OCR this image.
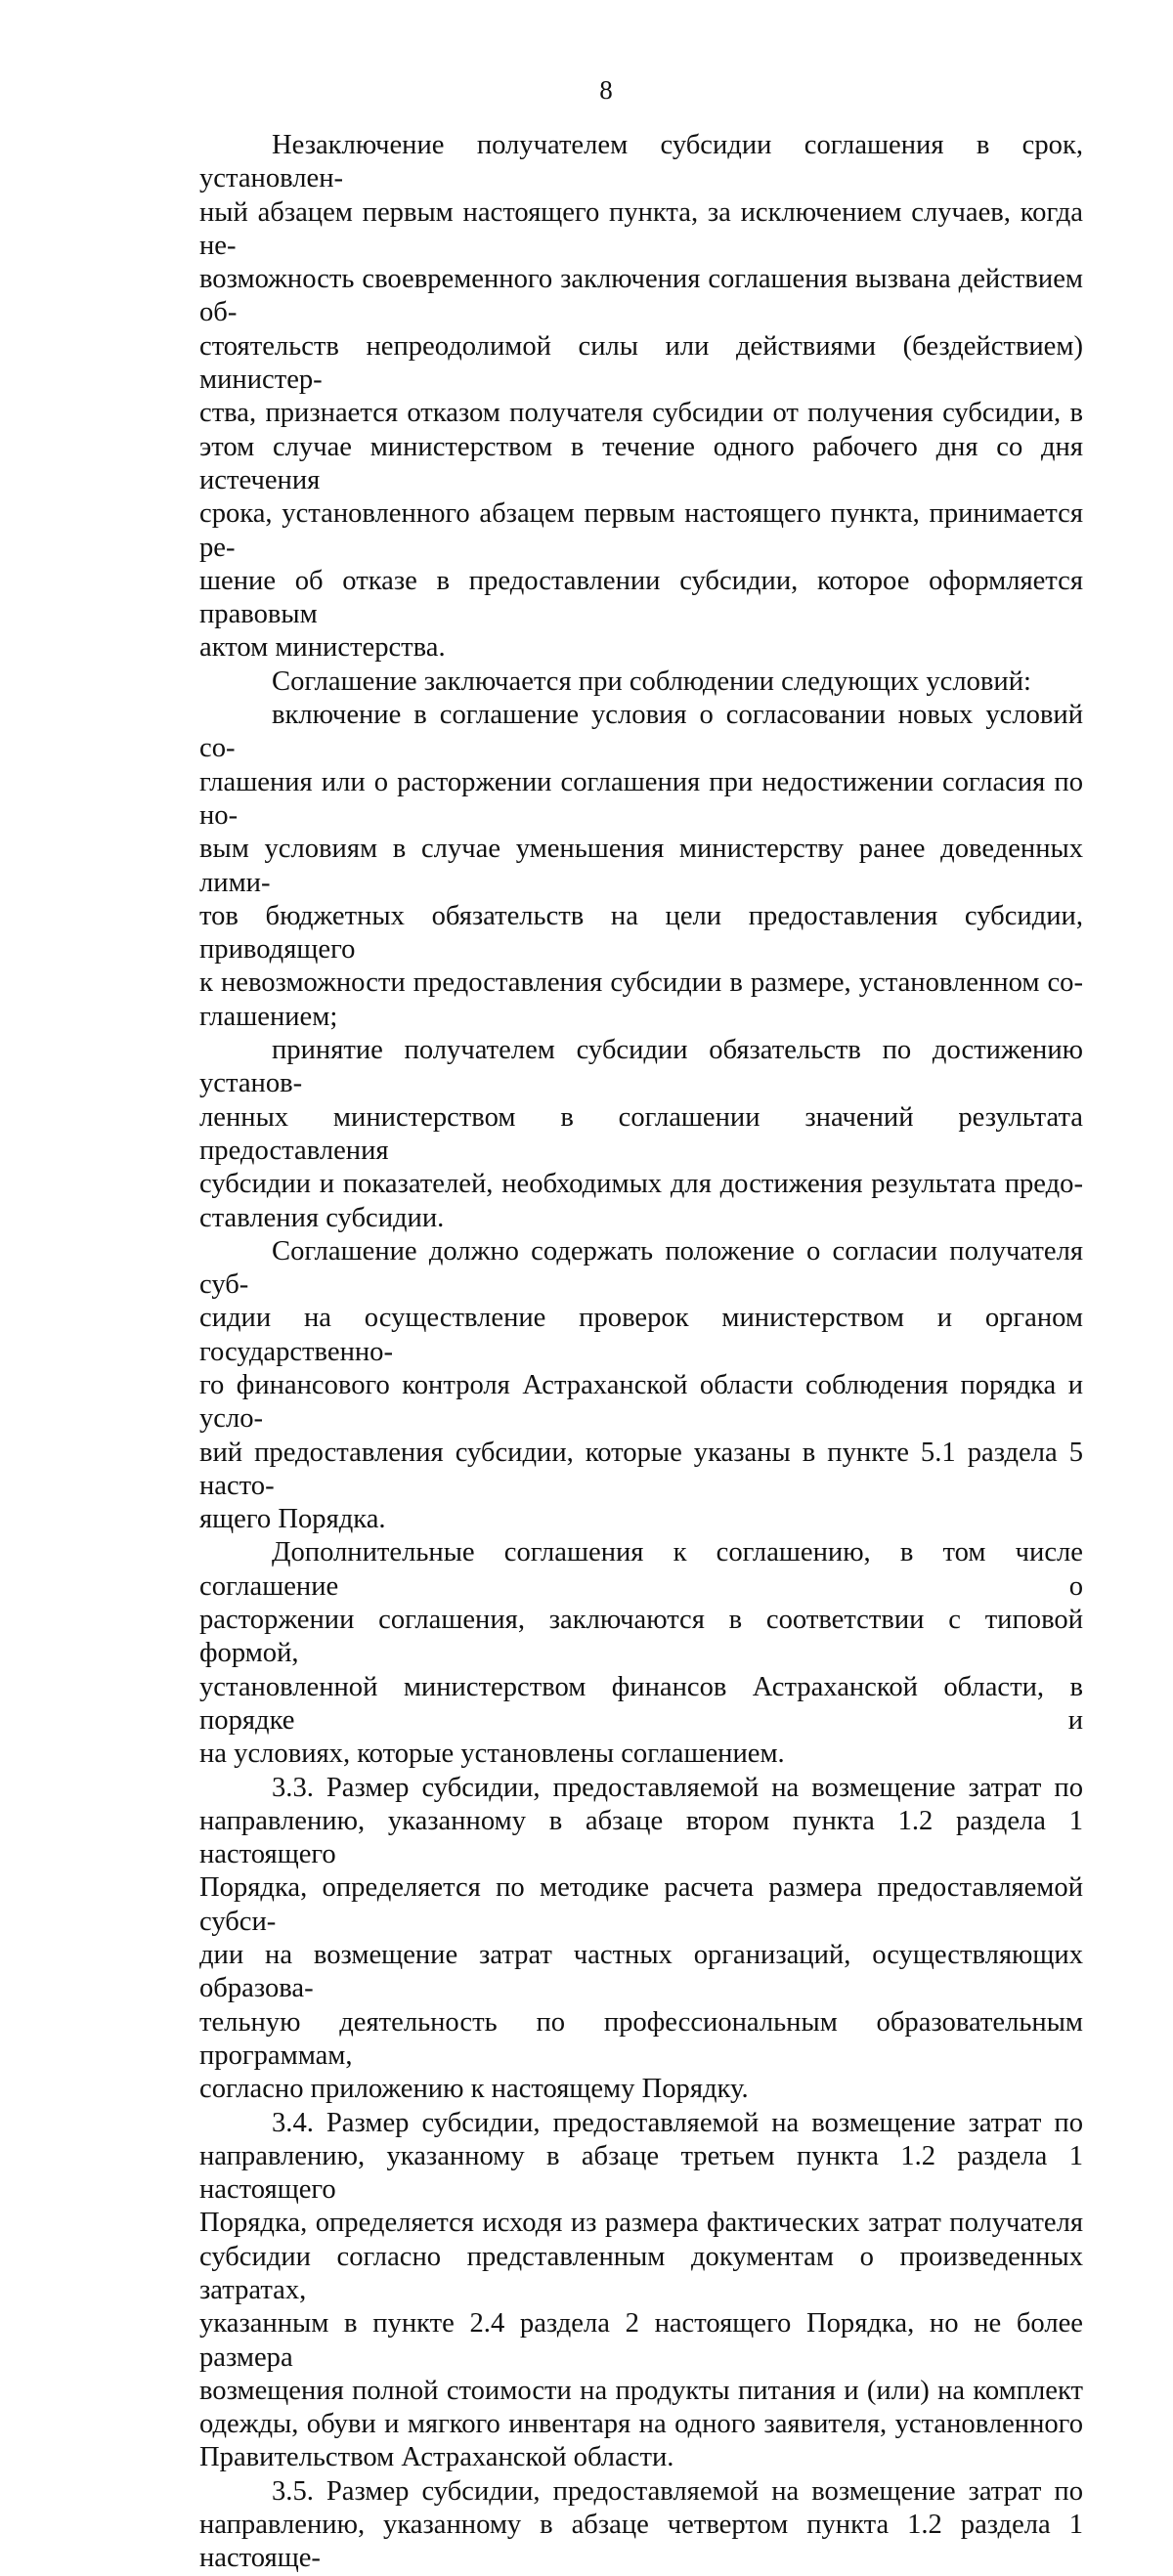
8
Незаключение получателем субсидии соглашения в срок, установлен-
ный абзацем первым настоящего пункта, за исключением случаев, когда не-
возможность своевременного заключения соглашения вызвана действием об-
стоятельств непреодолимой силы или действиями (бездействием) министер-
ства, признается отказом получателя субсидии от получения субсидии, в
этом случае министерством в течение одного рабочего дня со дня истечения
срока, установленного абзацем первым настоящего пункта, принимается ре-
шение об отказе в предоставлении субсидии, которое оформляется правовым
актом министерства.
Соглашение заключается при соблюдении следующих условий:
включение в соглашение условия о согласовании новых условий со-
глашения или о расторжении соглашения при недостижении согласия по но-
вым условиям в случае уменьшения министерству ранее доведенных лими-
тов бюджетных обязательств на цели предоставления субсидии, приводящего
к невозможности предоставления субсидии в размере, установленном со-
глашением;
принятие получателем субсидии обязательств по достижению установ-
ленных министерством в соглашении значений результата предоставления
субсидии и показателей, необходимых для достижения результата предо-
ставления субсидии.
Соглашение должно содержать положение о согласии получателя суб-
сидии на осуществление проверок министерством и органом государственно-
го финансового контроля Астраханской области соблюдения порядка и усло-
вий предоставления субсидии, которые указаны в пункте 5.1 раздела 5 насто-
ящего Порядка.
Дополнительные соглашения к соглашению, в том числе соглашение о
расторжении соглашения, заключаются в соответствии с типовой формой,
установленной министерством финансов Астраханской области, в порядке и
на условиях, которые установлены соглашением.
3.3. Размер субсидии, предоставляемой на возмещение затрат по
направлению, указанному в абзаце втором пункта 1.2 раздела 1 настоящего
Порядка, определяется по методике расчета размера предоставляемой субси-
дии на возмещение затрат частных организаций, осуществляющих образова-
тельную деятельность по профессиональным образовательным программам,
согласно приложению к настоящему Порядку.
3.4. Размер субсидии, предоставляемой на возмещение затрат по
направлению, указанному в абзаце третьем пункта 1.2 раздела 1 настоящего
Порядка, определяется исходя из размера фактических затрат получателя
субсидии согласно представленным документам о произведенных затратах,
указанным в пункте 2.4 раздела 2 настоящего Порядка, но не более размера
возмещения полной стоимости на продукты питания и (или) на комплект
одежды, обуви и мягкого инвентаря на одного заявителя, установленного
Правительством Астраханской области.
3.5. Размер субсидии, предоставляемой на возмещение затрат по
направлению, указанному в абзаце четвертом пункта 1.2 раздела 1 настояще-
